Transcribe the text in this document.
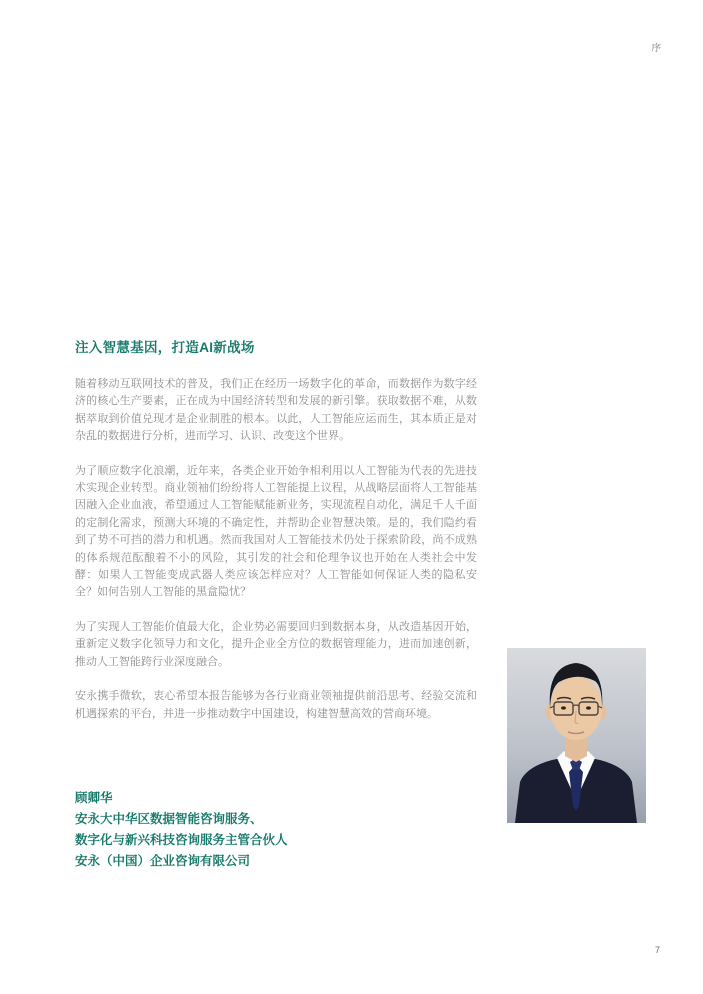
序
注入智慧基因，打造AI新战场

随着移动互联网技术的普及，我们正在经历一场数字化的革命，而数据作为数字经济的核心生产要素，正在成为中国经济转型和发展的新引擎。获取数据不难，从数据萃取到价值兑现才是企业制胜的根本。以此，人工智能应运而生，其本质正是对杂乱的数据进行分析，进而学习、认识、改变这个世界。

为了顺应数字化浪潮，近年来，各类企业开始争相利用以人工智能为代表的先进技术实现企业转型。商业领袖们纷纷将人工智能提上议程，从战略层面将人工智能基因融入企业血液，希望通过人工智能赋能新业务，实现流程自动化，满足千人千面的定制化需求，预测大环境的不确定性，并帮助企业智慧决策。是的，我们隐约看到了势不可挡的潜力和机遇。然而我国对人工智能技术仍处于探索阶段，尚不成熟的体系规范酝酿着不小的风险，其引发的社会和伦理争议也开始在人类社会中发酵：如果人工智能变成武器人类应该怎样应对？人工智能如何保证人类的隐私安全？如何告别人工智能的黑盒隐忧？

为了实现人工智能价值最大化，企业势必需要回归到数据本身，从改造基因开始，重新定义数字化领导力和文化，提升企业全方位的数据管理能力，进而加速创新，推动人工智能跨行业深度融合。

安永携手微软，衷心希望本报告能够为各行业商业领袖提供前沿思考、经验交流和机遇探索的平台，并进一步推动数字中国建设，构建智慧高效的营商环境。

顾卿华
安永大中华区数据智能咨询服务、
数字化与新兴科技咨询服务主管合伙人
安永（中国）企业咨询有限公司
7
